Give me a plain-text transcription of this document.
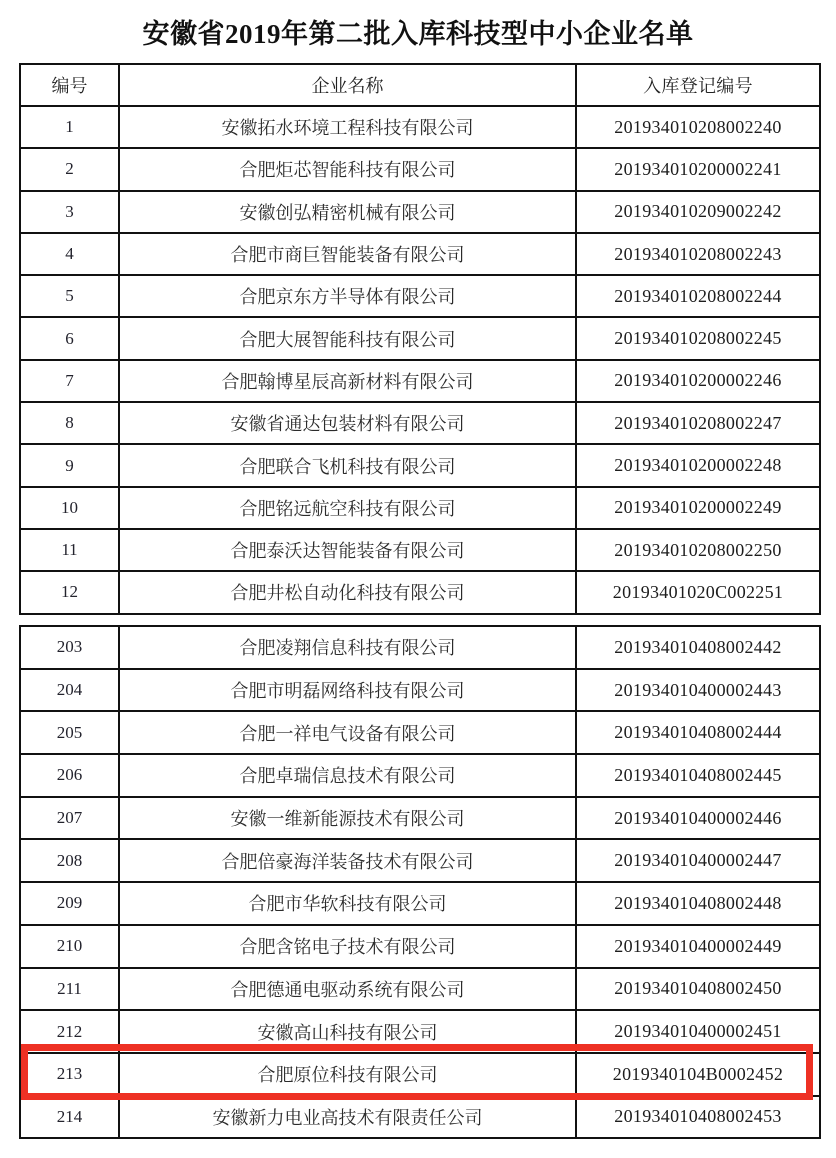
安徽省2019年第二批入库科技型中小企业名单
编号	企业名称	入库登记编号
1	安徽拓水环境工程科技有限公司	201934010208002240
2	合肥炬芯智能科技有限公司	201934010200002241
3	安徽创弘精密机械有限公司	201934010209002242
4	合肥市商巨智能装备有限公司	201934010208002243
5	合肥京东方半导体有限公司	201934010208002244
6	合肥大展智能科技有限公司	201934010208002245
7	合肥翰博星辰高新材料有限公司	201934010200002246
8	安徽省通达包装材料有限公司	201934010208002247
9	合肥联合飞机科技有限公司	201934010200002248
10	合肥铭远航空科技有限公司	201934010200002249
11	合肥泰沃达智能装备有限公司	201934010208002250
12	合肥井松自动化科技有限公司	20193401020C002251
203	合肥凌翔信息科技有限公司	201934010408002442
204	合肥市明磊网络科技有限公司	201934010400002443
205	合肥一祥电气设备有限公司	201934010408002444
206	合肥卓瑞信息技术有限公司	201934010408002445
207	安徽一维新能源技术有限公司	201934010400002446
208	合肥倍豪海洋装备技术有限公司	201934010400002447
209	合肥市华软科技有限公司	201934010408002448
210	合肥含铭电子技术有限公司	201934010400002449
211	合肥德通电驱动系统有限公司	201934010408002450
212	安徽高山科技有限公司	201934010400002451
213	合肥原位科技有限公司	2019340104B0002452
214	安徽新力电业高技术有限责任公司	201934010408002453
